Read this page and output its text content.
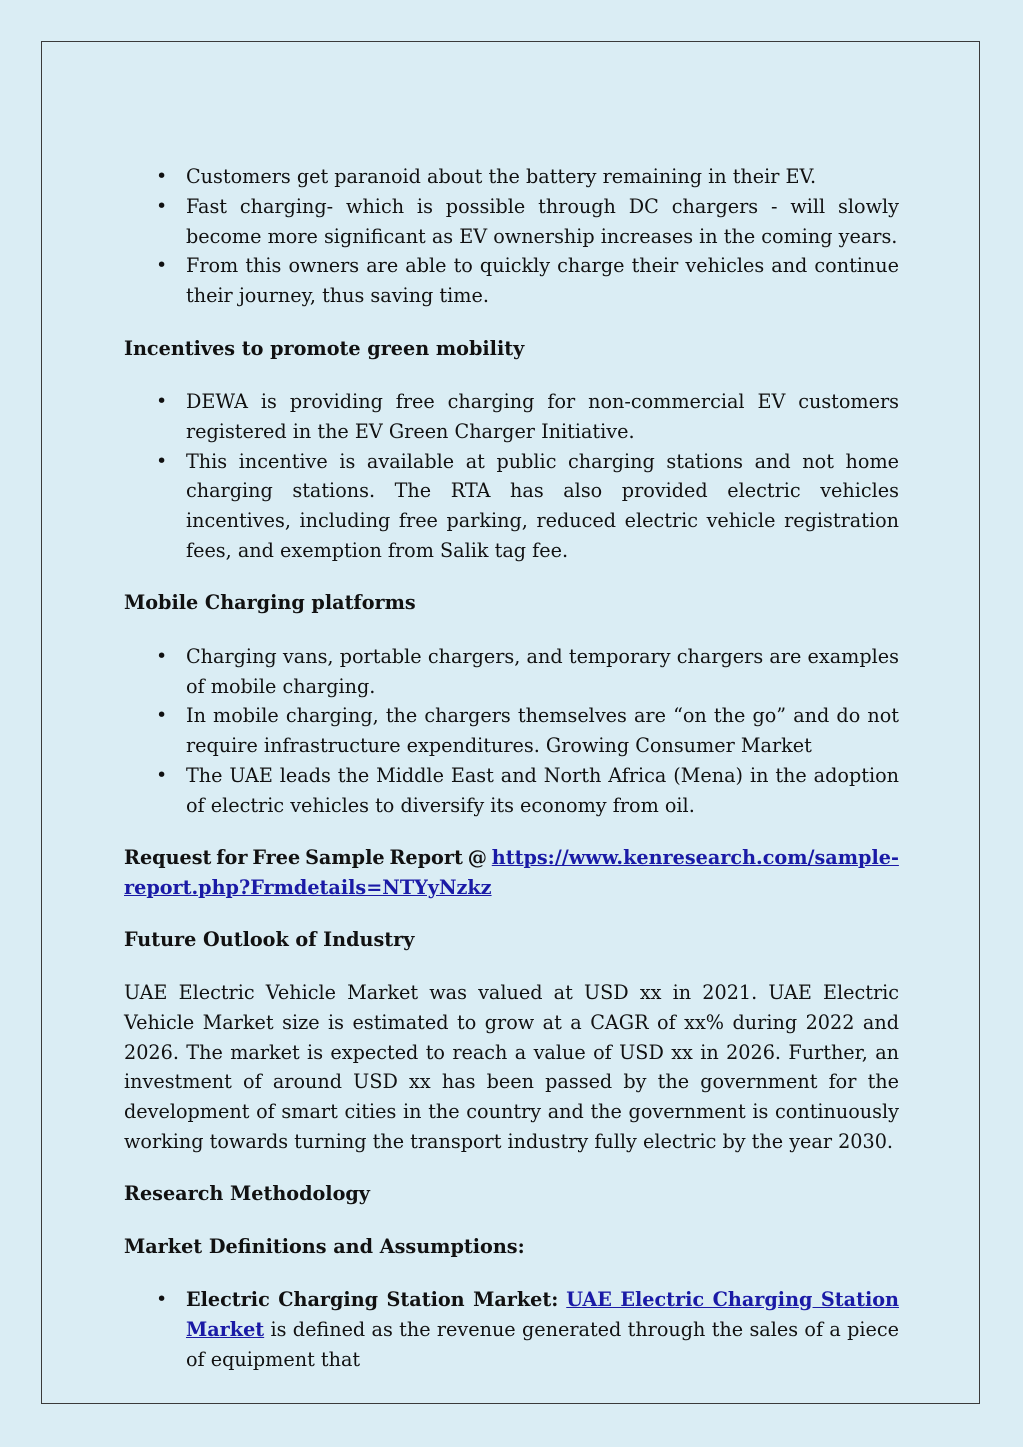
• Customers get paranoid about the battery remaining in their EV.
• Fast charging- which is possible through DC chargers - will slowly become more significant as EV ownership increases in the coming years.
• From this owners are able to quickly charge their vehicles and continue their journey, thus saving time.

Incentives to promote green mobility

• DEWA is providing free charging for non-commercial EV customers registered in the EV Green Charger Initiative.
• This incentive is available at public charging stations and not home charging stations. The RTA has also provided electric vehicles incentives, including free parking, reduced electric vehicle registration fees, and exemption from Salik tag fee.

Mobile Charging platforms

• Charging vans, portable chargers, and temporary chargers are examples of mobile charging.
• In mobile charging, the chargers themselves are “on the go” and do not require infrastructure expenditures. Growing Consumer Market
• The UAE leads the Middle East and North Africa (Mena) in the adoption of electric vehicles to diversify its economy from oil.
Request for Free Sample Report @ https://www.kenresearch.com/sample-
report.php?Frmdetails=NTYyNzkz

Future Outlook of Industry

UAE Electric Vehicle Market was valued at USD xx in 2021. UAE Electric Vehicle Market size is estimated to grow at a CAGR of xx% during 2022 and 2026. The market is expected to reach a value of USD xx in 2026. Further, an investment of around USD xx has been passed by the government for the development of smart cities in the country and the government is continuously working towards turning the transport industry fully electric by the year 2030.

Research Methodology

Market Definitions and Assumptions:

• Electric Charging Station Market: UAE Electric Charging Station Market is defined as the revenue generated through the sales of a piece of equipment that
